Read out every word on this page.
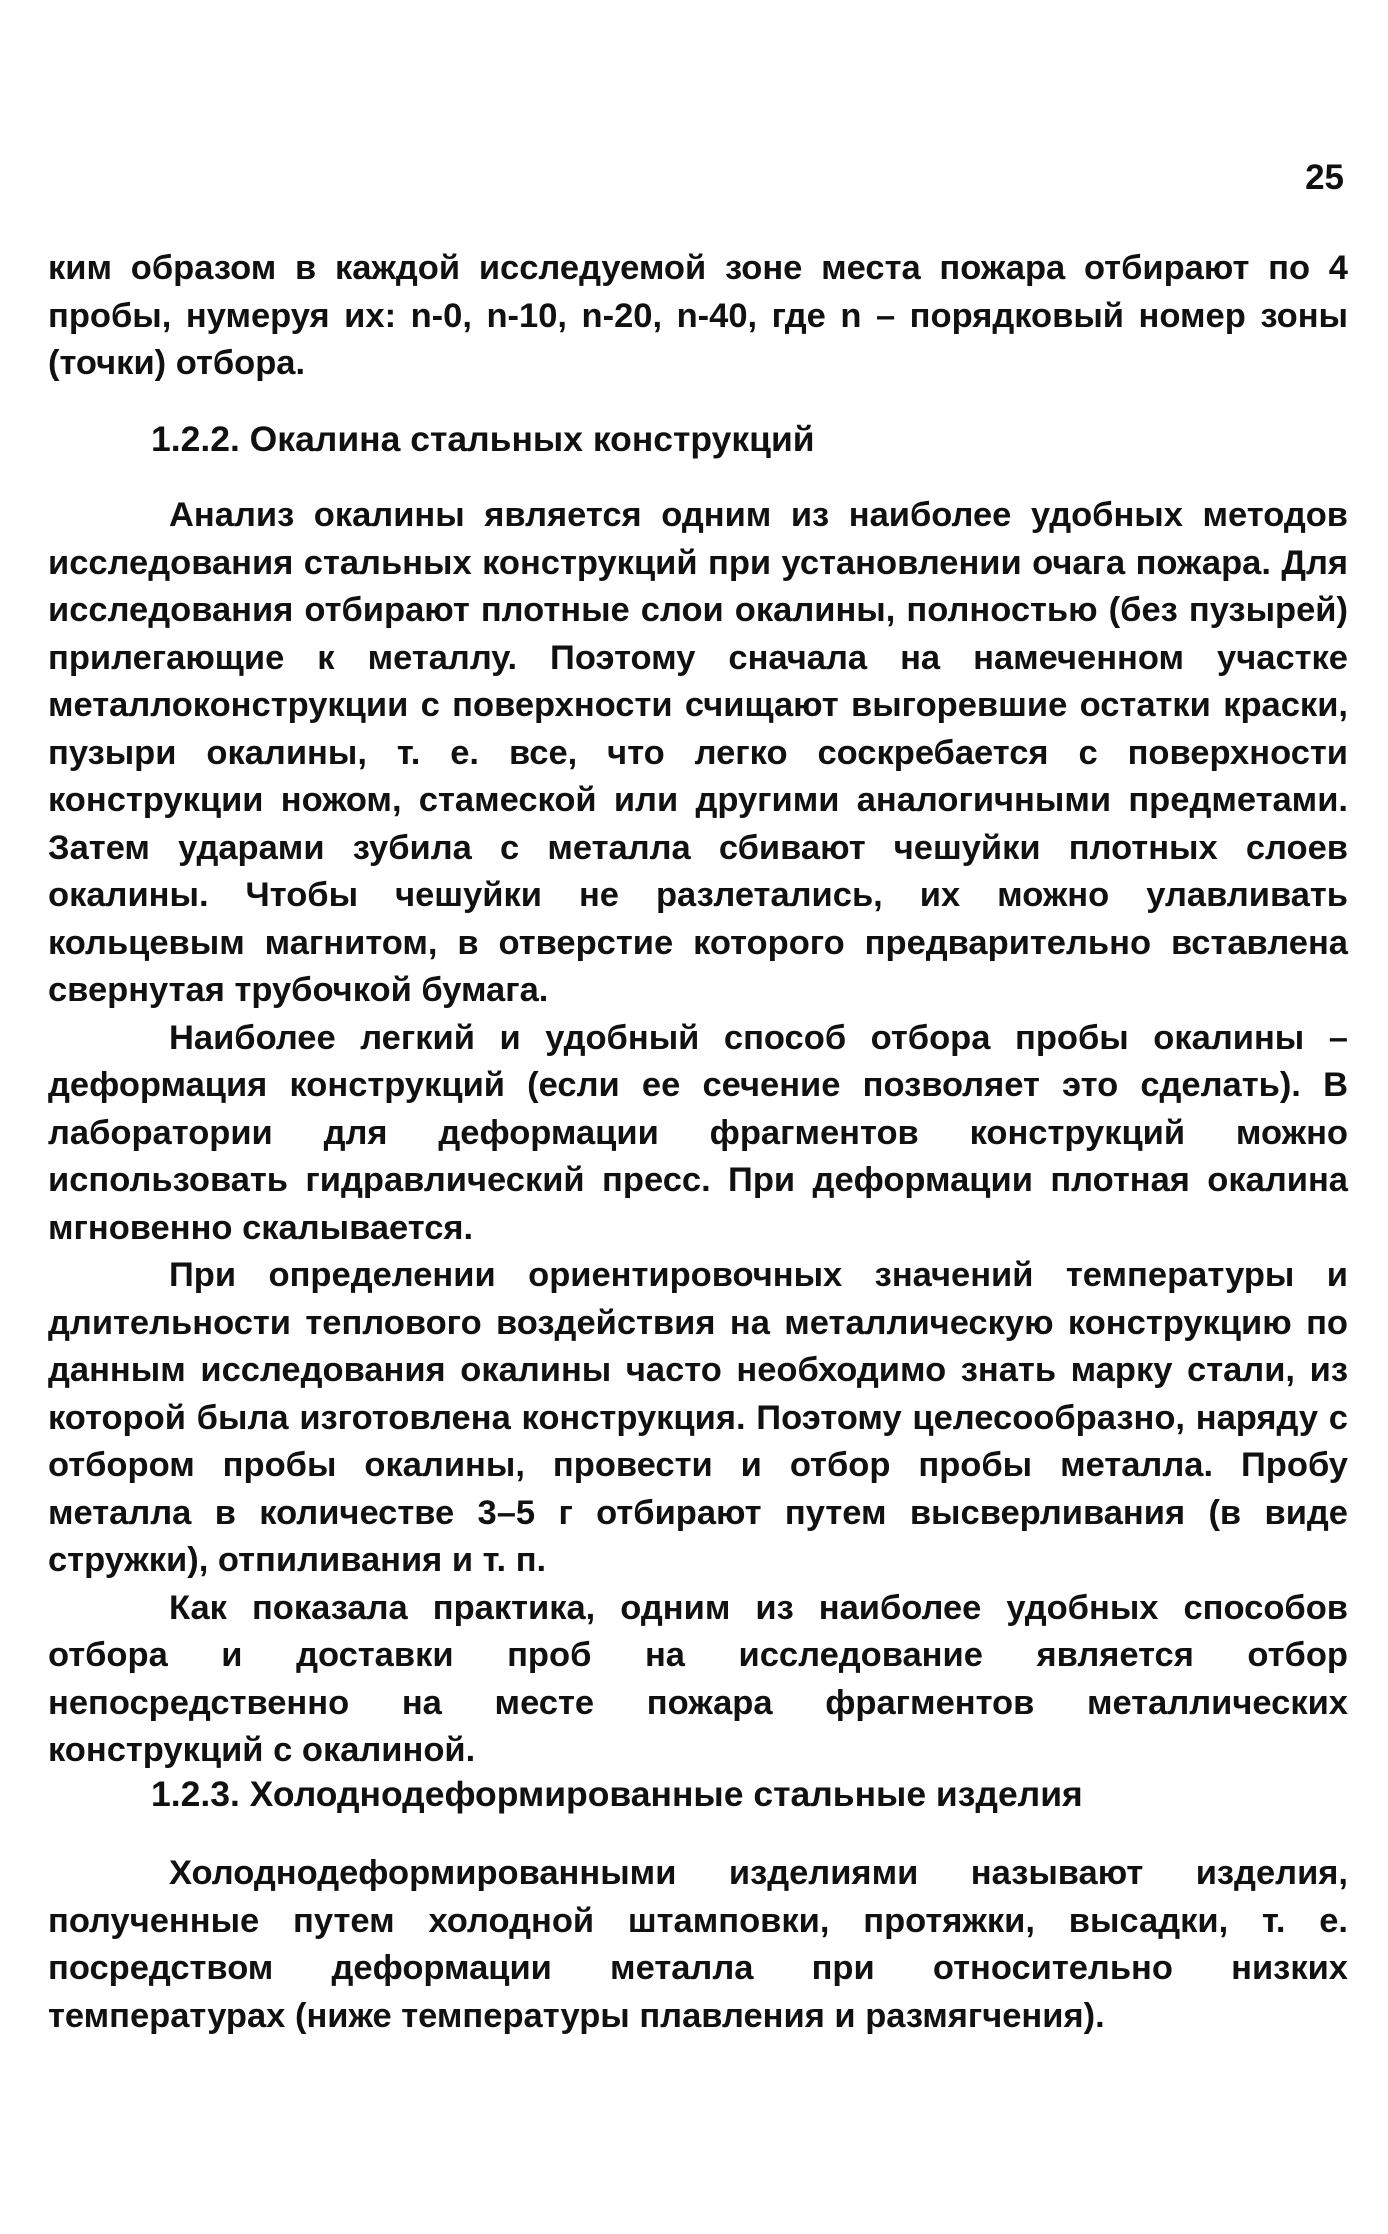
25

ким образом в каждой исследуемой зоне места пожара отбирают по 4 пробы, нумеруя их: n-0, n-10, n-20, n-40, где n – порядковый номер зоны (точки) отбора.

1.2.2. Окалина стальных конструкций

Анализ окалины является одним из наиболее удобных методов исследования стальных конструкций при установлении очага пожара. Для исследования отбирают плотные слои окалины, полностью (без пузырей) прилегающие к металлу. Поэтому сначала на намеченном участке металлоконструкции с поверхности счищают выгоревшие остатки краски, пузыри окалины, т. е. все, что легко соскребается с поверхности конструкции ножом, стамеской или другими аналогичными предметами. Затем ударами зубила с металла сбивают чешуйки плотных слоев окалины. Чтобы чешуйки не разлетались, их можно улавливать кольцевым магнитом, в отверстие которого предварительно вставлена свернутая трубочкой бумага.

Наиболее легкий и удобный способ отбора пробы окалины – деформация конструкций (если ее сечение позволяет это сделать). В лаборатории для деформации фрагментов конструкций можно использовать гидравлический пресс. При деформации плотная окалина мгновенно скалывается.

При определении ориентировочных значений температуры и длительности теплового воздействия на металлическую конструкцию по данным исследования окалины часто необходимо знать марку стали, из которой была изготовлена конструкция. Поэтому целесообразно, наряду с отбором пробы окалины, провести и отбор пробы металла. Пробу металла в количестве 3–5 г отбирают путем высверливания (в виде стружки), отпиливания и т. п.

Как показала практика, одним из наиболее удобных способов отбора и доставки проб на исследование является отбор непосредственно на месте пожара фрагментов металлических конструкций с окалиной.

1.2.3. Холоднодеформированные стальные изделия

Холоднодеформированными изделиями называют изделия, полученные путем холодной штамповки, протяжки, высадки, т. е. посредством деформации металла при относительно низких температурах (ниже температуры плавления и размягчения).
